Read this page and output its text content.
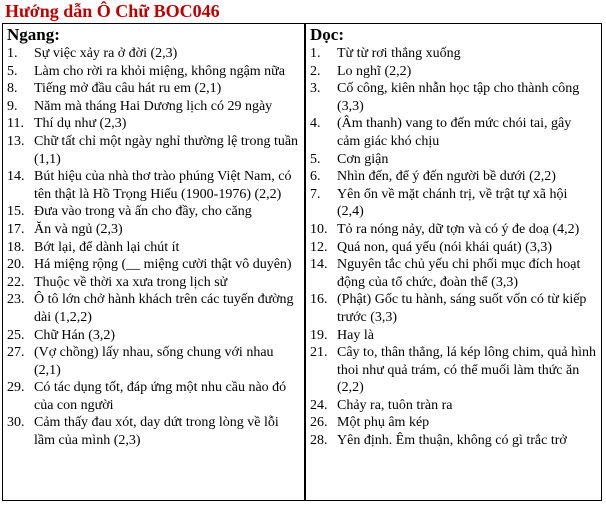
Hướng dẫn Ô Chữ BOC046
Ngang:
1.	Sự việc xảy ra ở đời (2,3)
5.	Làm cho rời ra khỏi miệng, không ngậm nữa
8.	Tiếng mở đầu câu hát ru em (2,1)
9.	Năm mà tháng Hai Dương lịch có 29 ngày
11. Thí dụ như (2,3)
13. Chữ tất chỉ một ngày nghỉ thường lệ trong tuần (1,1)
14. Bút hiệu của nhà thơ trào phúng Việt Nam, có tên thật là Hồ Trọng Hiếu (1900-1976) (2,2)
15. Đưa vào trong và ấn cho đầy, cho căng
17. Ăn và ngủ (2,3)
18. Bớt lại, để dành lại chút ít
20. Há miệng rộng (__ miệng cười thật vô duyên)
22. Thuộc về thời xa xưa trong lịch sử
23. Ô tô lớn chở hành khách trên các tuyến đường dài (1,2,2)
25. Chữ Hán (3,2)
27. (Vợ chồng) lấy nhau, sống chung với nhau (2,1)
29. Có tác dụng tốt, đáp ứng một nhu cầu nào đó của con người
30. Cảm thấy đau xót, day dứt trong lòng về lỗi lầm của mình (2,3)
Dọc:
1.	Từ từ rơi thẳng xuống
2.	Lo nghĩ (2,2)
3.	Cố công, kiên nhẫn học tập cho thành công (3,3)
4.	(Âm thanh) vang to đến mức chói tai, gây cảm giác khó chịu
5.	Cơn giận
6.	Nhìn đến, để ý đến người bề dưới (2,2)
7.	Yên ổn về mặt chánh trị, về trật tự xã hội (2,4)
10. Tỏ ra nóng nảy, dữ tợn và có ý đe doạ (4,2)
12. Quá non, quá yếu (nói khái quát) (3,3)
14. Nguyên tắc chủ yếu chi phối mục đích hoạt động của tổ chức, đoàn thể (3,3)
16. (Phật) Gốc tu hành, sáng suốt vốn có từ kiếp trước (3,3)
19. Hay là
21. Cây to, thân thẳng, lá kép lông chim, quả hình thoi như quả trám, có thể muối làm thức ăn (2,2)
24. Chảy ra, tuôn tràn ra
26. Một phụ âm kép
28. Yên định. Êm thuận, không có gì trắc trở
